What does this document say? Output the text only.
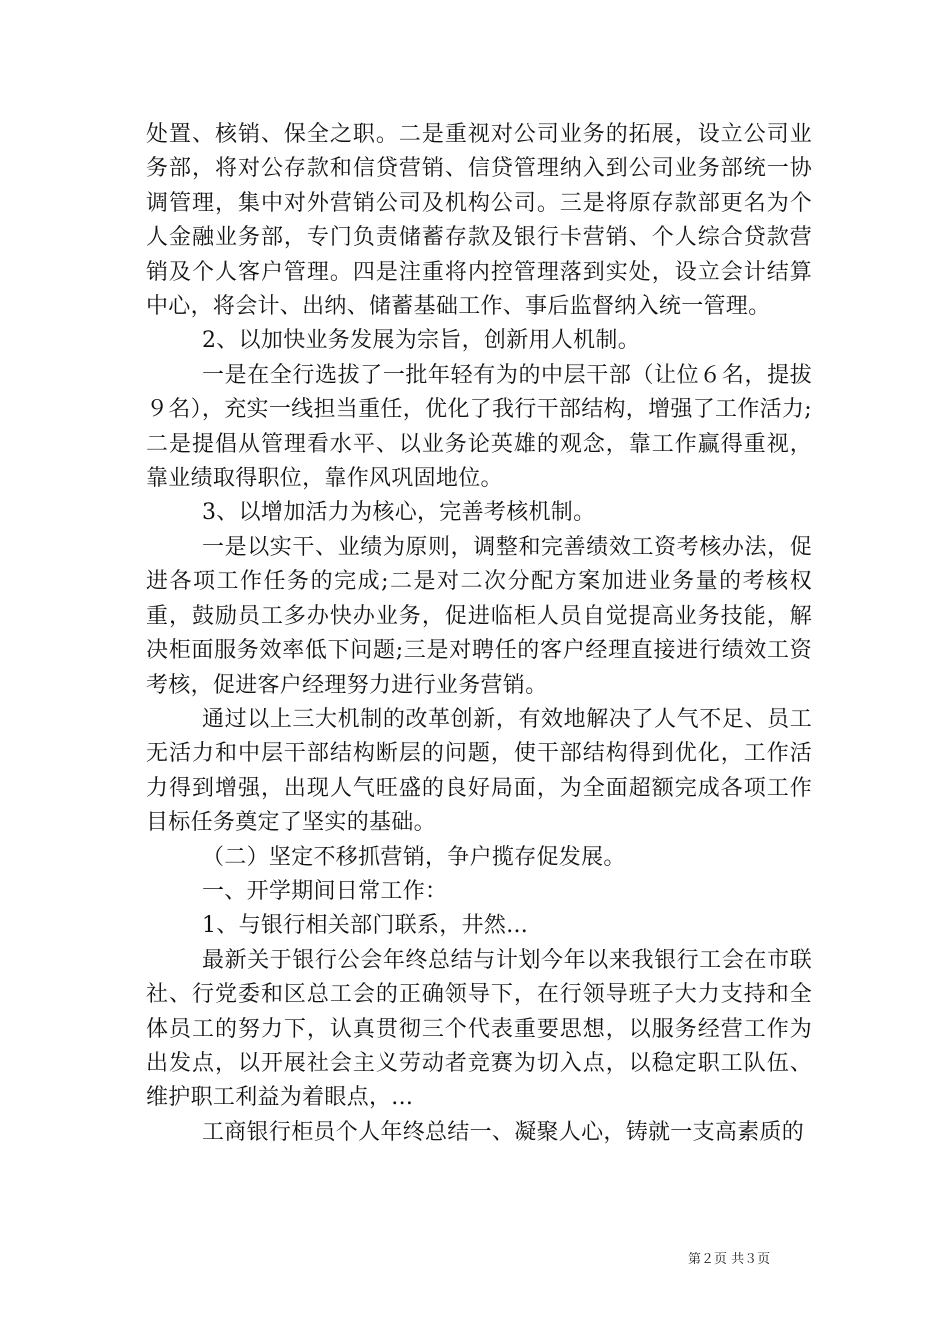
处置、核销、保全之职。二是重视对公司业务的拓展，设立公司业务部，将对公存款和信贷营销、信贷管理纳入到公司业务部统一协调管理，集中对外营销公司及机构公司。三是将原存款部更名为个人金融业务部，专门负责储蓄存款及银行卡营销、个人综合贷款营销及个人客户管理。四是注重将内控管理落到实处，设立会计结算中心，将会计、出纳、储蓄基础工作、事后监督纳入统一管理。

2、以加快业务发展为宗旨，创新用人机制。

一是在全行选拔了一批年轻有为的中层干部（让位６名，提拔９名），充实一线担当重任，优化了我行干部结构，增强了工作活力;二是提倡从管理看水平、以业务论英雄的观念，靠工作赢得重视，靠业绩取得职位，靠作风巩固地位。

3、以增加活力为核心，完善考核机制。

一是以实干、业绩为原则，调整和完善绩效工资考核办法，促进各项工作任务的完成;二是对二次分配方案加进业务量的考核权重，鼓励员工多办快办业务，促进临柜人员自觉提高业务技能，解决柜面服务效率低下问题;三是对聘任的客户经理直接进行绩效工资考核，促进客户经理努力进行业务营销。

通过以上三大机制的改革创新，有效地解决了人气不足、员工无活力和中层干部结构断层的问题，使干部结构得到优化，工作活力得到增强，出现人气旺盛的良好局面，为全面超额完成各项工作目标任务奠定了坚实的基础。

（二）坚定不移抓营销，争户揽存促发展。

一、开学期间日常工作：

1、与银行相关部门联系，井然...

最新关于银行公会年终总结与计划今年以来我银行工会在市联社、行党委和区总工会的正确领导下，在行领导班子大力支持和全体员工的努力下，认真贯彻三个代表重要思想，以服务经营工作为出发点，以开展社会主义劳动者竞赛为切入点，以稳定职工队伍、维护职工利益为着眼点，...

工商银行柜员个人年终总结一、凝聚人心，铸就一支高素质的

第２页 共３页
